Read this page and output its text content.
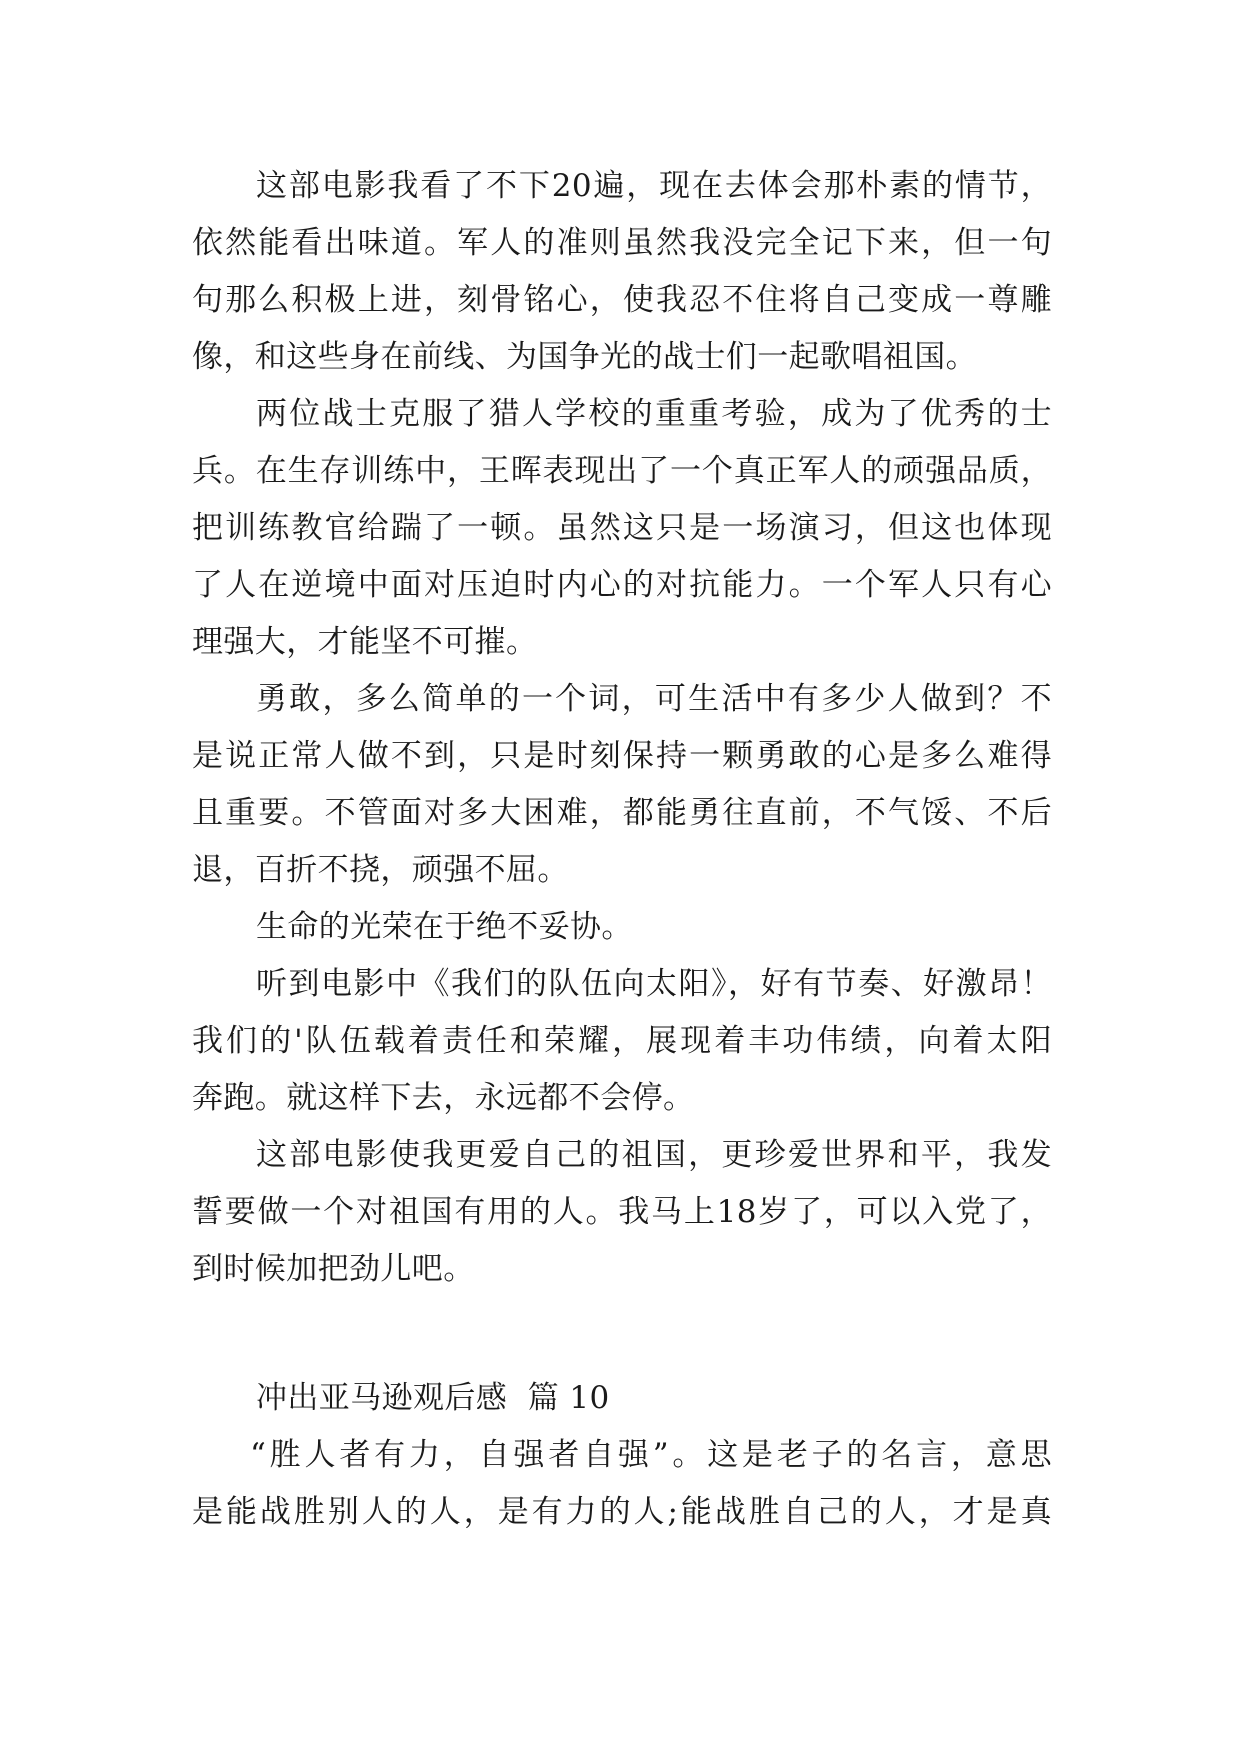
这部电影我看了不下20遍，现在去体会那朴素的情节，
依然能看出味道。军人的准则虽然我没完全记下来，但一句
句那么积极上进，刻骨铭心，使我忍不住将自己变成一尊雕
像，和这些身在前线、为国争光的战士们一起歌唱祖国。
两位战士克服了猎人学校的重重考验，成为了优秀的士
兵。在生存训练中，王晖表现出了一个真正军人的顽强品质，
把训练教官给踹了一顿。虽然这只是一场演习，但这也体现
了人在逆境中面对压迫时内心的对抗能力。一个军人只有心
理强大，才能坚不可摧。
勇敢，多么简单的一个词，可生活中有多少人做到？不
是说正常人做不到，只是时刻保持一颗勇敢的心是多么难得
且重要。不管面对多大困难，都能勇往直前，不气馁、不后
退，百折不挠，顽强不屈。
生命的光荣在于绝不妥协。
听到电影中《我们的队伍向太阳》，好有节奏、好激昂！
我们的'队伍载着责任和荣耀，展现着丰功伟绩，向着太阳
奔跑。就这样下去，永远都不会停。
这部电影使我更爱自己的祖国，更珍爱世界和平，我发
誓要做一个对祖国有用的人。我马上18岁了，可以入党了，
到时候加把劲儿吧。
冲出亚马逊观后感  篇 10
“胜人者有力，自强者自强”。这是老子的名言，意思
是能战胜别人的人，是有力的人;能战胜自己的人，才是真
